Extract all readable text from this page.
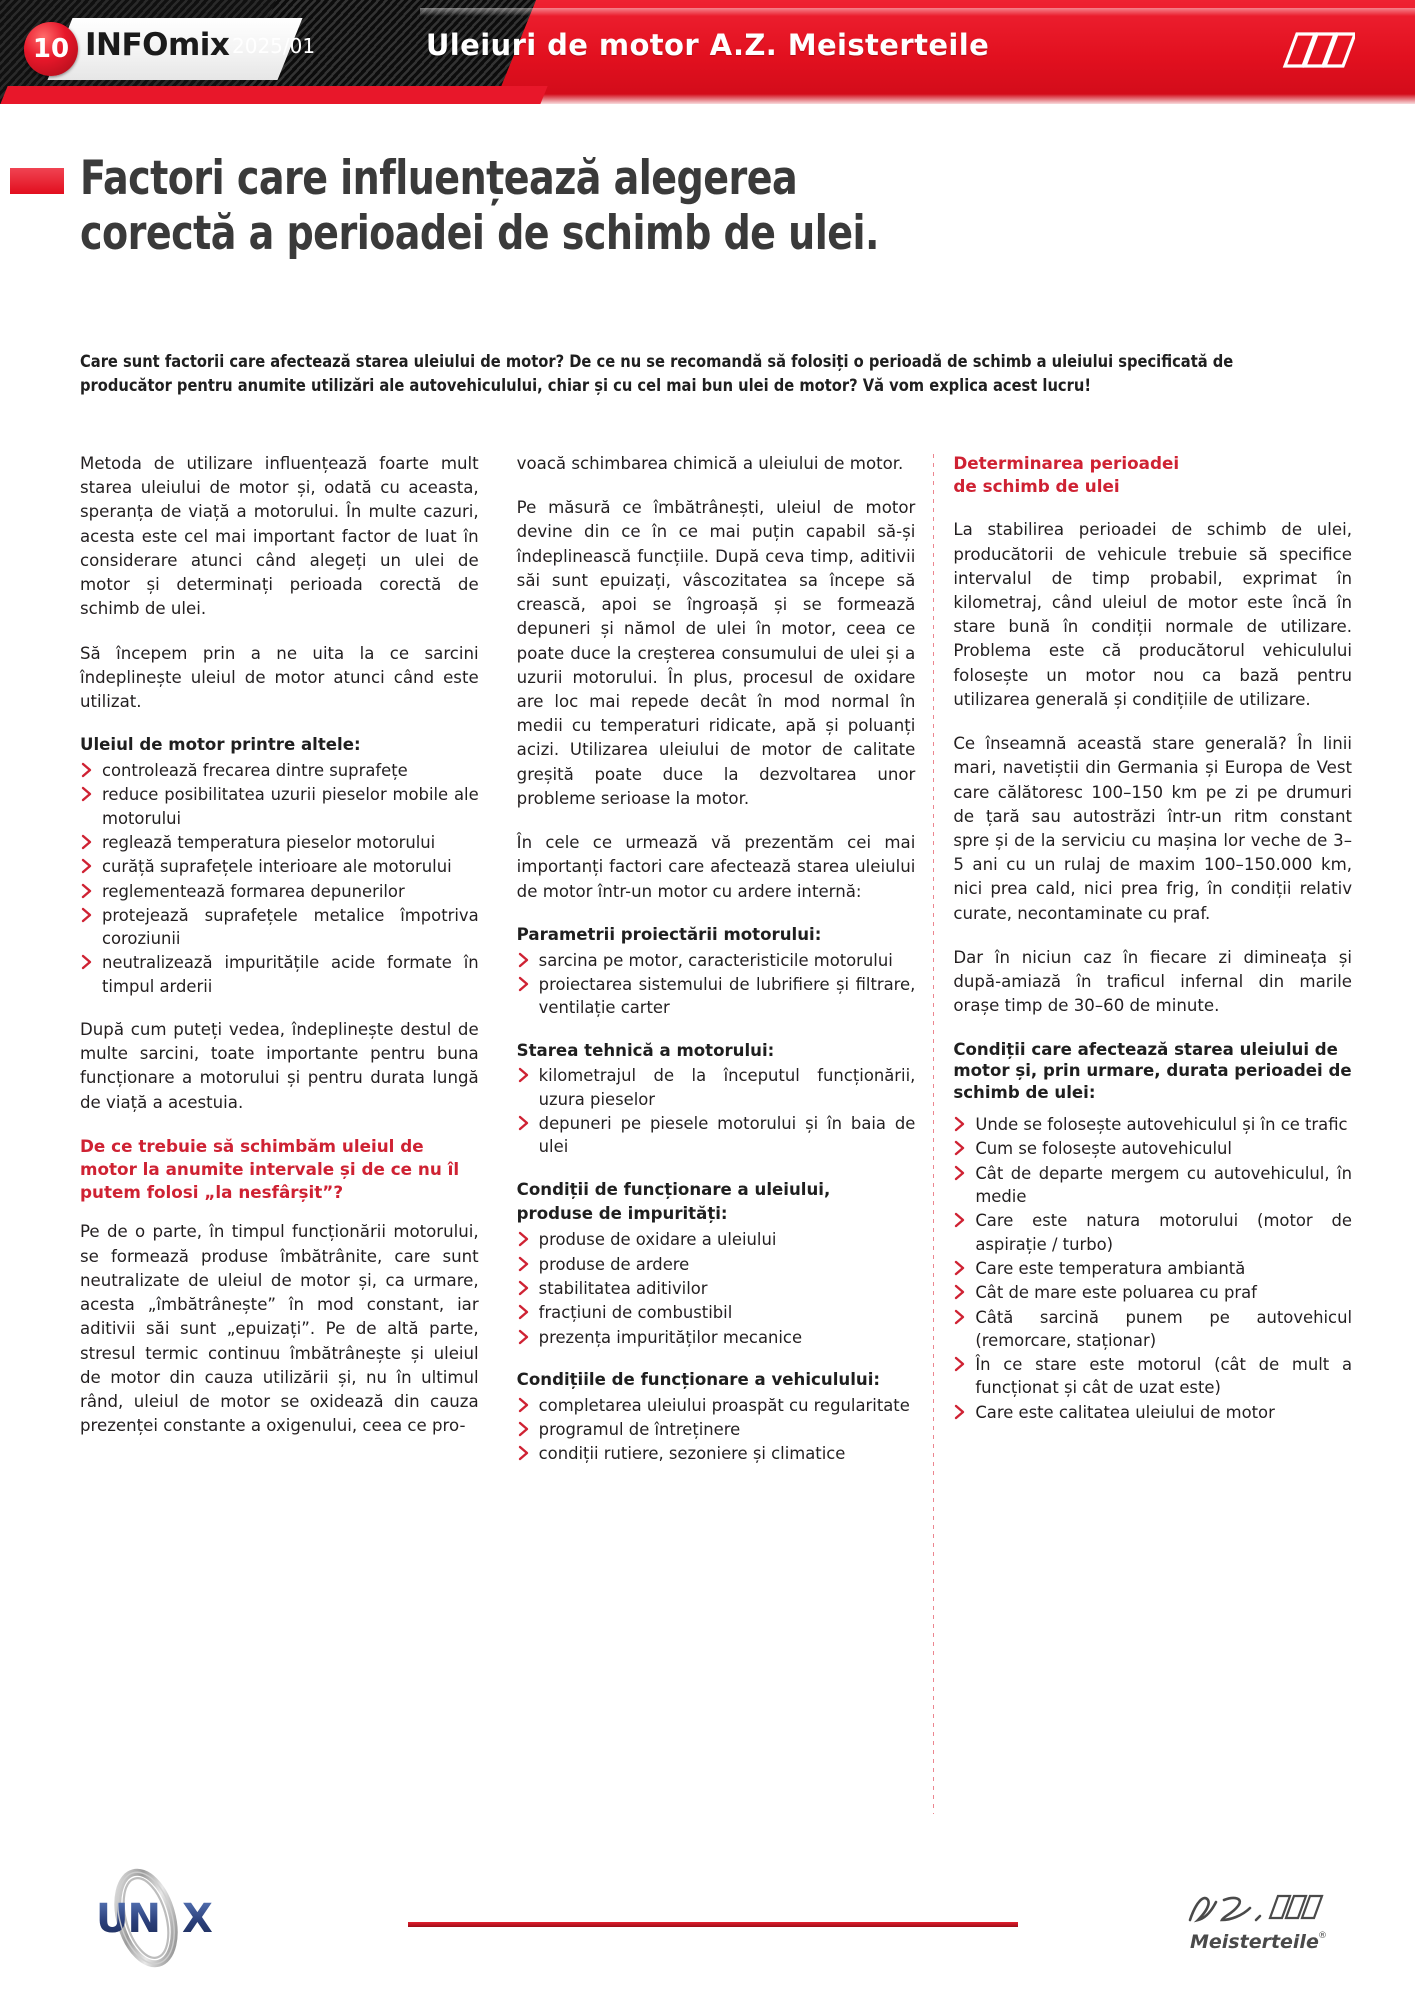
10 INFOmix 2025/01	Uleiuri de motor A.Z. Meisterteile
Factori care influențează alegerea
corectă a perioadei de schimb de ulei.
Care sunt factorii care afectează starea uleiului de motor? De ce nu se recomandă să folosiți o perioadă de schimb a uleiului specificată de producător pentru anumite utilizări ale autovehiculului, chiar și cu cel mai bun ulei de motor? Vă vom explica acest lucru!

Metoda de utilizare influențează foarte mult starea uleiului de motor și, odată cu aceasta, speranța de viață a motorului. În multe cazuri, acesta este cel mai important factor de luat în considerare atunci când alegeți un ulei de motor și determinați perioada corectă de schimb de ulei.

Să începem prin a ne uita la ce sarcini îndeplinește uleiul de motor atunci când este utilizat.

Uleiul de motor printre altele:
controlează frecarea dintre suprafețe
reduce posibilitatea uzurii pieselor mobile ale motorului
reglează temperatura pieselor motorului
curăță suprafețele interioare ale motorului
reglementează formarea depunerilor
protejează suprafețele metalice împotriva coroziunii
neutralizează impuritățile acide formate în timpul arderii

După cum puteți vedea, îndeplinește destul de multe sarcini, toate importante pentru buna funcționare a motorului și pentru durata lungă de viață a acestuia.

De ce trebuie să schimbăm uleiul de motor la anumite intervale și de ce nu îl putem folosi „la nesfârșit”?

Pe de o parte, în timpul funcționării motorului, se formează produse îmbătrânite, care sunt neutralizate de uleiul de motor și, ca urmare, acesta „îmbătrânește” în mod constant, iar aditivii săi sunt „epuizați”. Pe de altă parte, stresul termic continuu îmbătrânește și uleiul de motor din cauza utilizării și, nu în ultimul rând, uleiul de motor se oxidează din cauza prezenței constante a oxigenului, ceea ce pro-

voacă schimbarea chimică a uleiului de motor.

Pe măsură ce îmbătrânești, uleiul de motor devine din ce în ce mai puțin capabil să-și îndeplinească funcțiile. După ceva timp, aditivii săi sunt epuizați, vâscozitatea sa începe să crească, apoi se îngroașă și se formează depuneri și nămol de ulei în motor, ceea ce poate duce la creșterea consumului de ulei și a uzurii motorului. În plus, procesul de oxidare are loc mai repede decât în mod normal în medii cu temperaturi ridicate, apă și poluanți acizi. Utilizarea uleiului de motor de calitate greșită poate duce la dezvoltarea unor probleme serioase la motor.

În cele ce urmează vă prezentăm cei mai importanți factori care afectează starea uleiului de motor într-un motor cu ardere internă:

Parametrii proiectării motorului:
sarcina pe motor, caracteristicile motorului
proiectarea sistemului de lubrifiere și filtrare, ventilație carter
Starea tehnică a motorului:
kilometrajul de la începutul funcționării, uzura pieselor
depuneri pe piesele motorului și în baia de ulei
Condiții de funcționare a uleiului,
produse de impurități:
produse de oxidare a uleiului
produse de ardere
stabilitatea aditivilor
fracțiuni de combustibil
prezența impurităților mecanice
Condițiile de funcționare a vehiculului:
completarea uleiului proaspăt cu regularitate
programul de întreținere
condiții rutiere, sezoniere și climatice
Determinarea perioadei
de schimb de ulei

La stabilirea perioadei de schimb de ulei, producătorii de vehicule trebuie să specifice intervalul de timp probabil, exprimat în kilometraj, când uleiul de motor este încă în stare bună în condiții normale de utilizare. Problema este că producătorul vehiculului folosește un motor nou ca bază pentru utilizarea generală și condițiile de utilizare.

Ce înseamnă această stare generală? În linii mari, navetiștii din Germania și Europa de Vest care călătoresc 100–150 km pe zi pe drumuri de țară sau autostrăzi într-un ritm constant spre și de la serviciu cu mașina lor veche de 3–5 ani cu un rulaj de maxim 100–150.000 km, nici prea cald, nici prea frig, în condiții relativ curate, necontaminate cu praf.

Dar în niciun caz în fiecare zi dimineața și după-amiază în traficul infernal din marile orașe timp de 30–60 de minute.

Condiții care afectează starea uleiului de motor și, prin urmare, durata perioadei de schimb de ulei:
Unde se folosește autovehiculul și în ce trafic
Cum se folosește autovehiculul
Cât de departe mergem cu autovehiculul, în medie
Care este natura motorului (motor de aspirație / turbo)
Care este temperatura ambiantă
Cât de mare este poluarea cu praf
Câtă sarcină punem pe autovehicul (remorcare, staționar)
În ce stare este motorul (cât de mult a funcționat și cât de uzat este)
Care este calitatea uleiului de motor
UN X	Meisterteile ®
